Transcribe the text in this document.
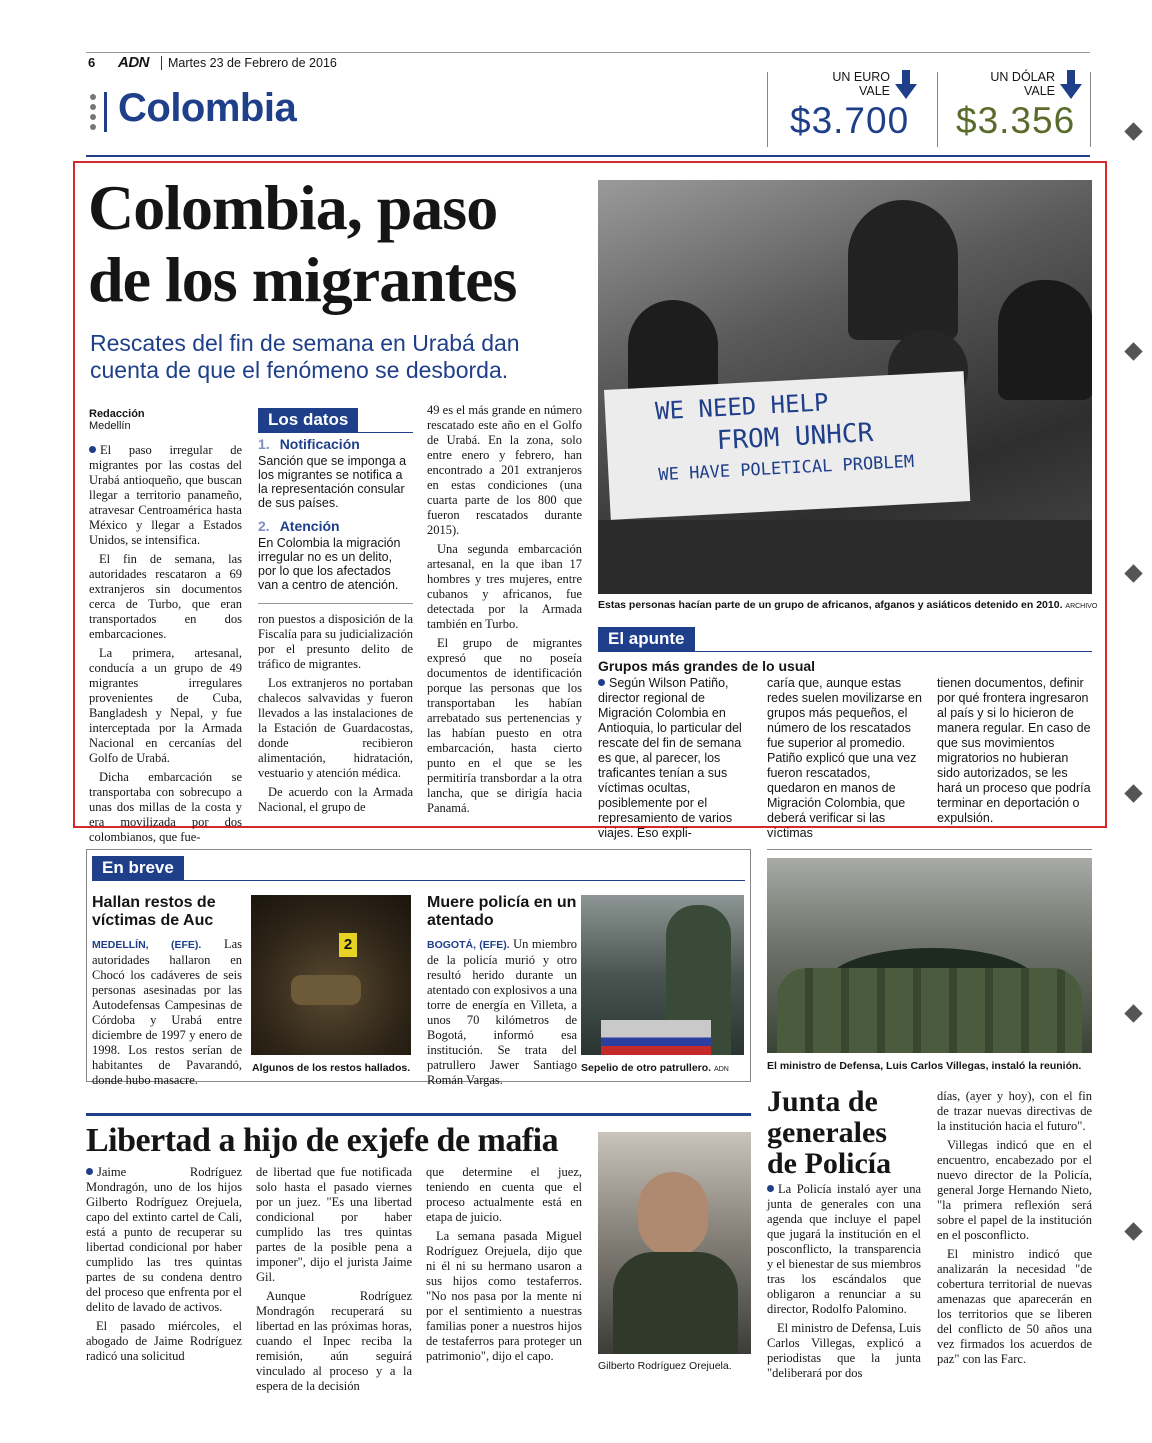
6 ADN Martes 23 de Febrero de 2016
Colombia
UN EURO VALE
$3.700
UN DÓLAR VALE
$3.356
Colombia, paso
de los migrantes
Rescates del fin de semana en Urabá dan cuenta de que el fenómeno se desborda.
Redacción
Medellín

El paso irregular de migrantes por las costas del Urabá antioqueño, que buscan llegar a territorio panameño, atravesar Centroamérica hasta México y llegar a Estados Unidos, se intensifica.

El fin de semana, las autoridades rescataron a 69 extranjeros sin documentos cerca de Turbo, que eran transportados en dos embarcaciones.

La primera, artesanal, conducía a un grupo de 49 migrantes irregulares provenientes de Cuba, Bangladesh y Nepal, y fue interceptada por la Armada Nacional en cercanías del Golfo de Urabá.

Dicha embarcación se transportaba con sobrecupo a unas dos millas de la costa y era movilizada por dos colombianos, que fue-

Los datos
1. Notificación
Sanción que se imponga a los migrantes se notifica a la representación consular de sus países.
2. Atención
En Colombia la migración irregular no es un delito, por lo que los afectados van a centro de atención.

ron puestos a disposición de la Fiscalía para su judicialización por el presunto delito de tráfico de migrantes.

Los extranjeros no portaban chalecos salvavidas y fueron llevados a las instalaciones de la Estación de Guardacostas, donde recibieron alimentación, hidratación, vestuario y atención médica.

De acuerdo con la Armada Nacional, el grupo de

49 es el más grande en número rescatado este año en el Golfo de Urabá. En la zona, solo entre enero y febrero, han encontrado a 201 extranjeros en estas condiciones (una cuarta parte de los 800 que fueron rescatados durante 2015).

Una segunda embarcación artesanal, en la que iban 17 hombres y tres mujeres, entre cubanos y africanos, fue detectada por la Armada también en Turbo.

El grupo de migrantes expresó que no poseía documentos de identificación porque las personas que los transportaban les habían arrebatado sus pertenencias y las habían puesto en otra embarcación, hasta cierto punto en el que se les permitiría transbordar a la otra lancha, que se dirigía hacia Panamá.

WE NEED HELP
FROM UNHCR
WE HAVE POLETICAL PROBLEM
Estas personas hacían parte de un grupo de africanos, afganos y asiáticos detenido en 2010. ARCHIVO
El apunte
Grupos más grandes de lo usual
Según Wilson Patiño, director regional de Migración Colombia en Antioquia, lo particular del rescate del fin de semana es que, al parecer, los traficantes tenían a sus víctimas ocultas, posiblemente por el represamiento de varios viajes. Eso expli-
caría que, aunque estas redes suelen movilizarse en grupos más pequeños, el número de los rescatados fue superior al promedio. Patiño explicó que una vez fueron rescatados, quedaron en manos de Migración Colombia, que deberá verificar si las víctimas
tienen documentos, definir por qué frontera ingresaron al país y si lo hicieron de manera regular. En caso de que sus movimientos migratorios no hubieran sido autorizados, se les hará un proceso que podría terminar en deportación o expulsión.
En breve
Hallan restos de víctimas de Auc
MEDELLÍN, (EFE). Las autoridades hallaron en Chocó los cadáveres de seis personas asesinadas por las Autodefensas Campesinas de Córdoba y Urabá entre diciembre de 1997 y enero de 1998. Los restos serían de habitantes de Pavarandó, donde hubo masacre.
2
Algunos de los restos hallados.
Muere policía en un atentado
BOGOTÁ, (EFE). Un miembro de la policía murió y otro resultó herido durante un atentado con explosivos a una torre de energía en Villeta, a unos 70 kilómetros de Bogotá, informó esa institución. Se trata del patrullero Jawer Santiago Román Vargas.
Sepelio de otro patrullero. ADN	El ministro de Defensa, Luis Carlos Villegas, instaló la reunión.
Libertad a hijo de exjefe de mafia

Jaime Rodríguez Mondragón, uno de los hijos Gilberto Rodríguez Orejuela, capo del extinto cartel de Cali, está a punto de recuperar su libertad condicional por haber cumplido las tres quintas partes de su condena dentro del proceso que enfrenta por el delito de lavado de activos.

El pasado miércoles, el abogado de Jaime Rodríguez radicó una solicitud

de libertad que fue notificada solo hasta el pasado viernes por un juez. "Es una libertad condicional por haber cumplido las tres quintas partes de la posible pena a imponer", dijo el jurista Jaime Gil.

Aunque Rodríguez Mondragón recuperará su libertad en las próximas horas, cuando el Inpec reciba la remisión, aún seguirá vinculado al proceso y a la espera de la decisión

que determine el juez, teniendo en cuenta que el proceso actualmente está en etapa de juicio.

La semana pasada Miguel Rodríguez Orejuela, dijo que ni él ni su hermano usaron a sus hijos como testaferros. "No nos pasa por la mente ni por el sentimiento a nuestras familias poner a nuestros hijos de testaferros para proteger un patrimonio", dijo el capo.

Gilberto Rodríguez Orejuela.
Junta de
generales
de Policía

La Policía instaló ayer una junta de generales con una agenda que incluye el papel que jugará la institución en el posconflicto, la transparencia y el bienestar de sus miembros tras los escándalos que obligaron a renunciar a su director, Rodolfo Palomino.

El ministro de Defensa, Luis Carlos Villegas, explicó a periodistas que la junta "deliberará por dos

días, (ayer y hoy), con el fin de trazar nuevas directivas de la institución hacia el futuro".

Villegas indicó que en el encuentro, encabezado por el nuevo director de la Policía, general Jorge Hernando Nieto, "la primera reflexión será sobre el papel de la institución en el posconflicto.

El ministro indicó que analizarán la necesidad "de cobertura territorial de nuevas amenazas que aparecerán en los territorios que se liberen del conflicto de 50 años una vez firmados los acuerdos de paz" con las Farc.
